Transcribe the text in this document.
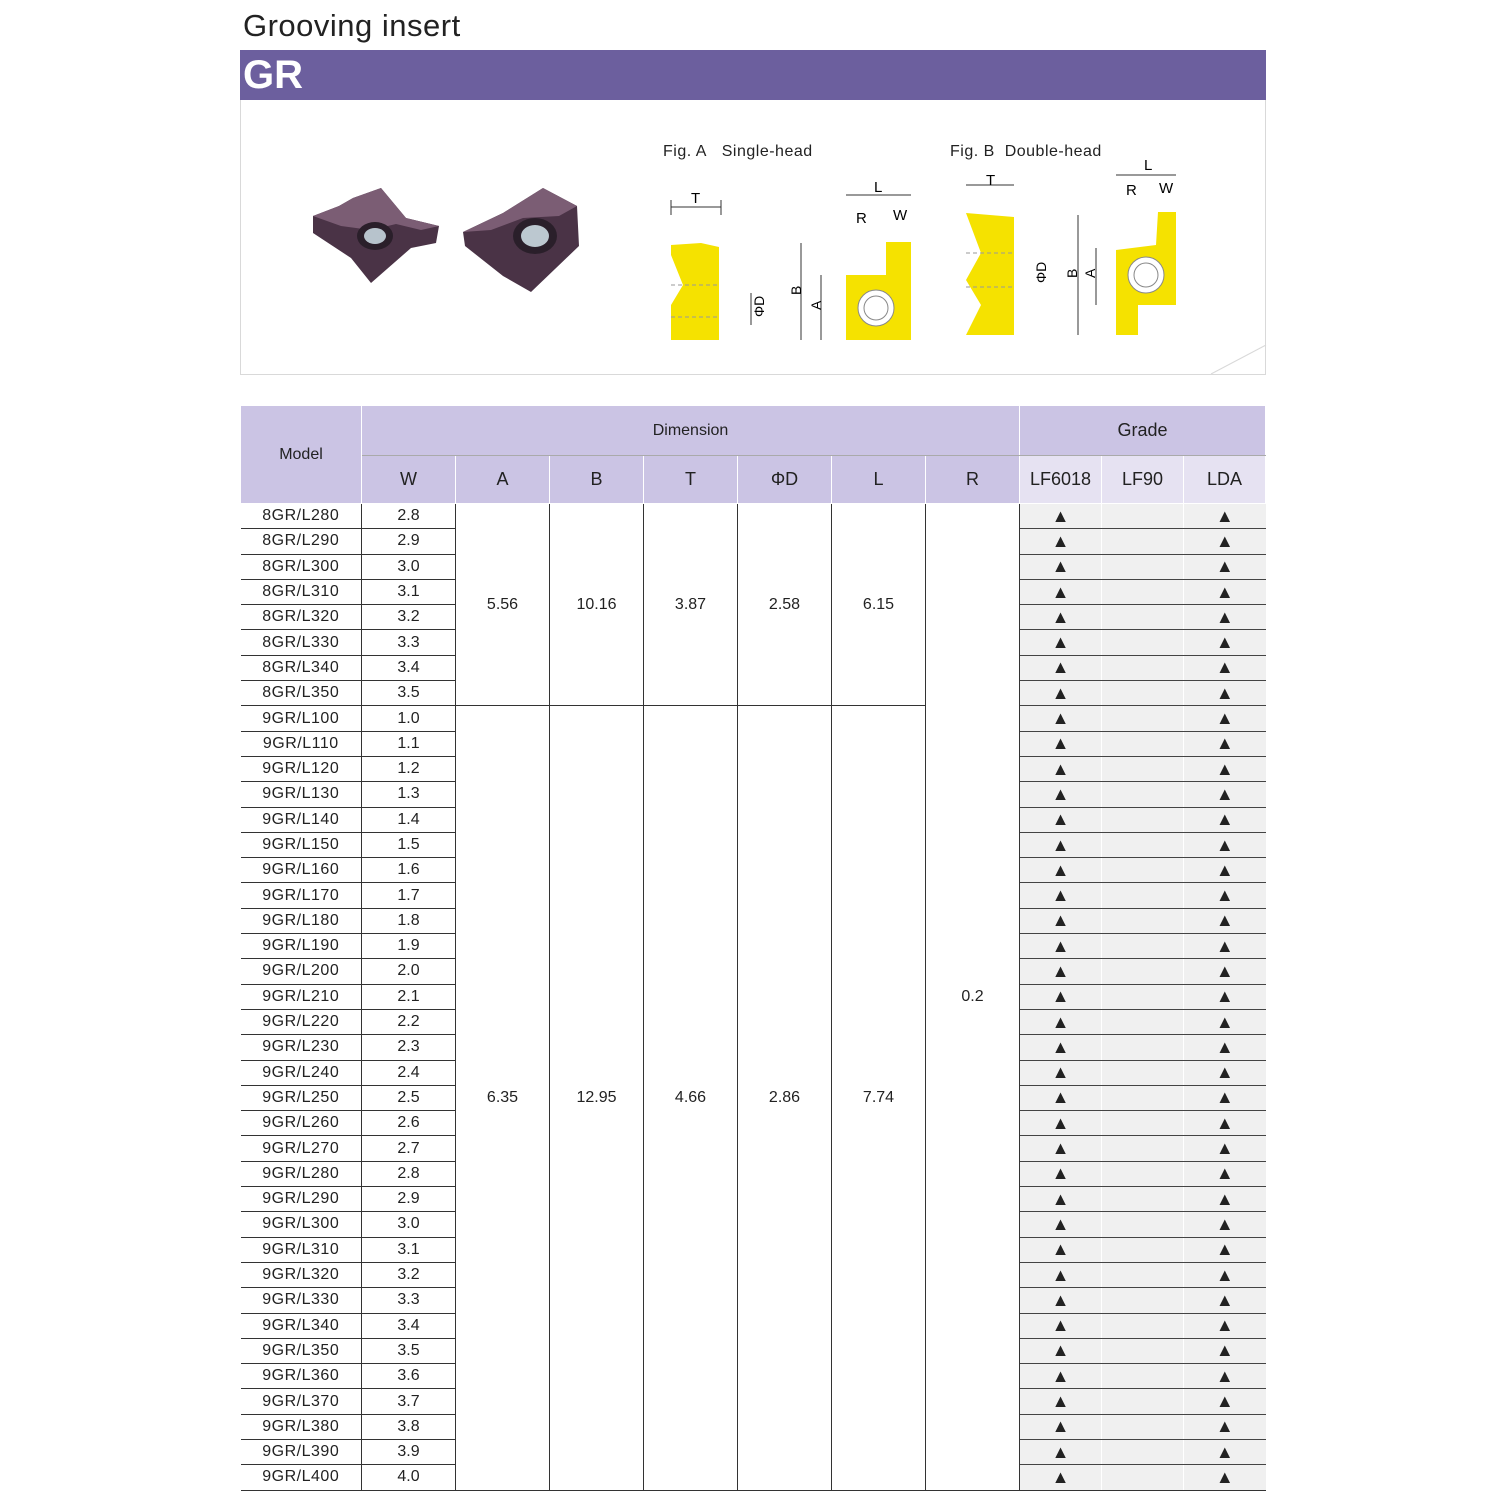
Grooving insert
GR
Fig. A Single-head	Fig. B Double-head
T
ΦD
L
R W
B
A
T
ΦD
L
R W
B A
Model	Dimension							Grade		
	W	A	B	T	ΦD	L	R	LF6018	LF90	LDA
8GR/L280	2.8	5.56	10.16	3.87	2.58	6.15	0.2	▲		▲
8GR/L290	2.9							▲		▲
8GR/L300	3.0							▲		▲
8GR/L310	3.1							▲		▲
8GR/L320	3.2							▲		▲
8GR/L330	3.3							▲		▲
8GR/L340	3.4							▲		▲
8GR/L350	3.5							▲		▲
9GR/L100	1.0	6.35	12.95	4.66	2.86	7.74		▲		▲
9GR/L110	1.1							▲		▲
9GR/L120	1.2							▲		▲
9GR/L130	1.3							▲		▲
9GR/L140	1.4							▲		▲
9GR/L150	1.5							▲		▲
9GR/L160	1.6							▲		▲
9GR/L170	1.7							▲		▲
9GR/L180	1.8							▲		▲
9GR/L190	1.9							▲		▲
9GR/L200	2.0							▲		▲
9GR/L210	2.1							▲		▲
9GR/L220	2.2							▲		▲
9GR/L230	2.3							▲		▲
9GR/L240	2.4							▲		▲
9GR/L250	2.5							▲		▲
9GR/L260	2.6							▲		▲
9GR/L270	2.7							▲		▲
9GR/L280	2.8							▲		▲
9GR/L290	2.9							▲		▲
9GR/L300	3.0							▲		▲
9GR/L310	3.1							▲		▲
9GR/L320	3.2							▲		▲
9GR/L330	3.3							▲		▲
9GR/L340	3.4							▲		▲
9GR/L350	3.5							▲		▲
9GR/L360	3.6							▲		▲
9GR/L370	3.7							▲		▲
9GR/L380	3.8							▲		▲
9GR/L390	3.9							▲		▲
9GR/L400	4.0							▲		▲
